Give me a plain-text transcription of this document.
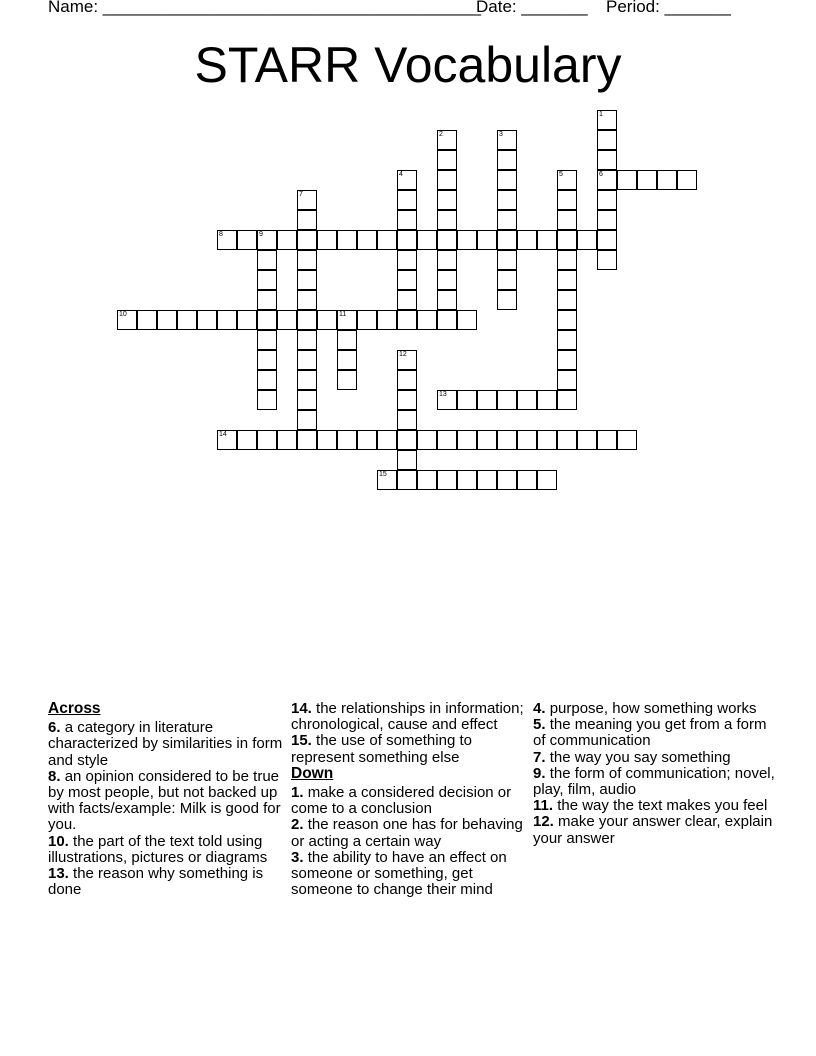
Name: ________________________________________
Date: _______ Period: _______
STARR Vocabulary
1
6
2	3
4	5
7
8	9
10	11
12
13
14
15
Across
6. a category in literature characterized by similarities in form and style
8. an opinion considered to be true by most people, but not backed up with facts/example: Milk is good for you.
10. the part of the text told using illustrations, pictures or diagrams
13. the reason why something is done
14. the relationships in information; chronological, cause and effect
15. the use of something to represent something else
Down
1. make a considered decision or come to a conclusion
2. the reason one has for behaving or acting a certain way
3. the ability to have an effect on someone or something, get someone to change their mind
4. purpose, how something works
5. the meaning you get from a form of communication
7. the way you say something
9. the form of communication; novel, play, film, audio
11. the way the text makes you feel
12. make your answer clear, explain your answer
